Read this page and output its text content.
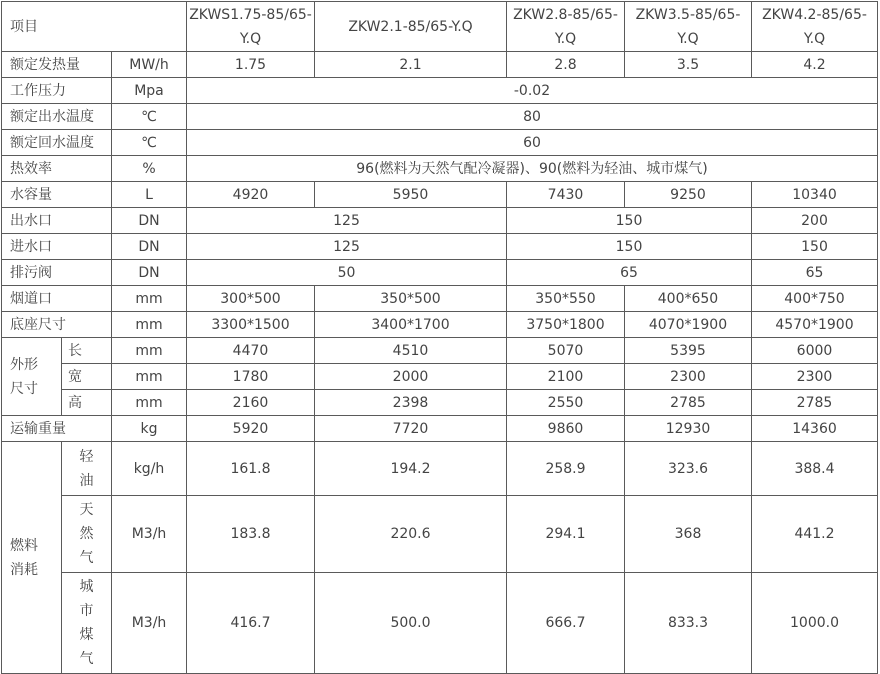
项目			ZKWS1.75-85/65-Y.Q	ZKW2.1-85/65-Y.Q	ZKW2.8-85/65-Y.Q	ZKW3.5-85/65-Y.Q	ZKW4.2-85/65-Y.Q
额定发热量		MW/h	1.75	2.1	2.8	3.5	4.2
工作压力		Mpa	-0.02				
额定出水温度		℃	80				
额定回水温度		℃	60				
热效率		%	96(燃料为天然气配冷凝器)、90(燃料为轻油、城市煤气)				
水容量		L	4920	5950	7430	9250	10340
出水口		DN	125		150		200
进水口		DN	125		150		150
排污阀		DN	50		65		65
烟道口		mm	300*500	350*500	350*550	400*650	400*750
底座尺寸		mm	3300*1500	3400*1700	3750*1800	4070*1900	4570*1900
外形尺寸	长	mm	4470	4510	5070	5395	6000
	宽	mm	1780	2000	2100	2300	2300
	高	mm	2160	2398	2550	2785	2785
运输重量		kg	5920	7720	9860	12930	14360
燃料消耗	轻油	kg/h	161.8	194.2	258.9	323.6	388.4
	天然气	M3/h	183.8	220.6	294.1	368	441.2
	城市煤气	M3/h	416.7	500.0	666.7	833.3	1000.0
